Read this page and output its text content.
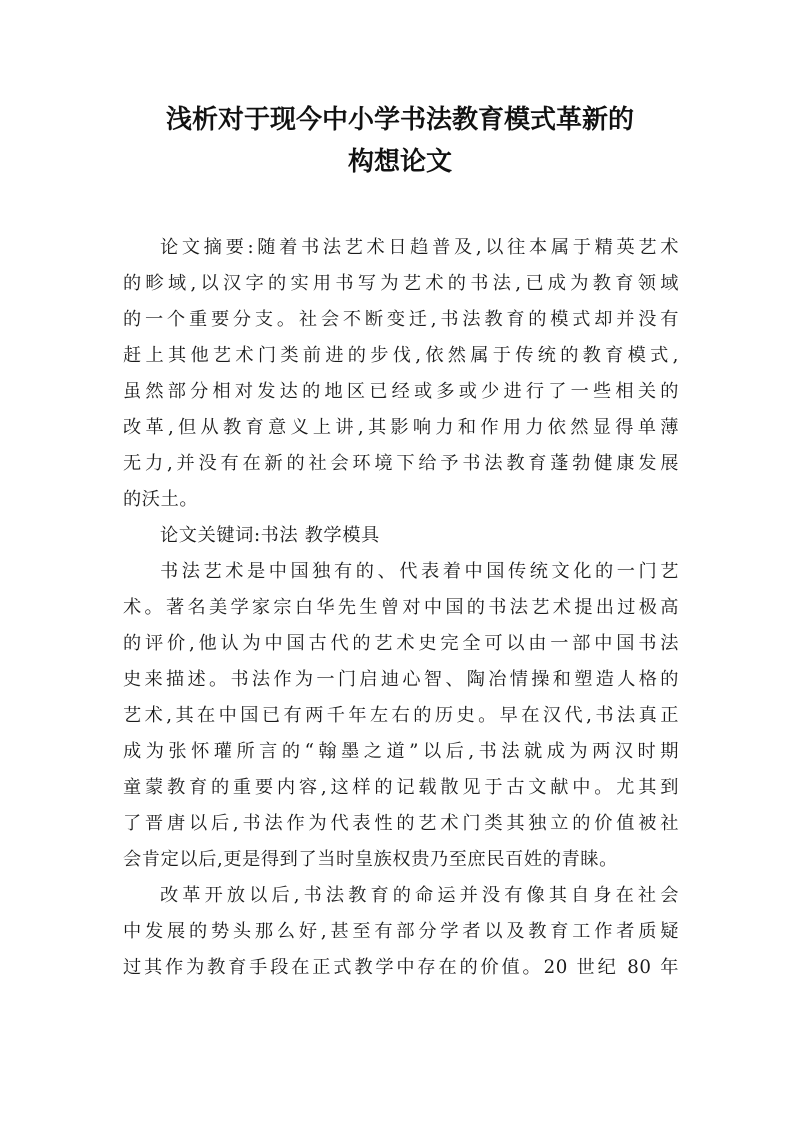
浅析对于现今中小学书法教育模式革新的
构想论文
论文摘要:随着书法艺术日趋普及,以往本属于精英艺术
的畛域,以汉字的实用书写为艺术的书法,已成为教育领域
的一个重要分支。社会不断变迁,书法教育的模式却并没有
赶上其他艺术门类前进的步伐,依然属于传统的教育模式,
虽然部分相对发达的地区已经或多或少进行了一些相关的
改革,但从教育意义上讲,其影响力和作用力依然显得单薄
无力,并没有在新的社会环境下给予书法教育蓬勃健康发展
的沃土。
论文关键词:书法 教学模具
书法艺术是中国独有的、代表着中国传统文化的一门艺
术。著名美学家宗白华先生曾对中国的书法艺术提出过极高
的评价,他认为中国古代的艺术史完全可以由一部中国书法
史来描述。书法作为一门启迪心智、陶冶情操和塑造人格的
艺术,其在中国已有两千年左右的历史。早在汉代,书法真正
成为张怀瓘所言的“翰墨之道”以后,书法就成为两汉时期
童蒙教育的重要内容,这样的记载散见于古文献中。尤其到
了晋唐以后,书法作为代表性的艺术门类其独立的价值被社
会肯定以后,更是得到了当时皇族权贵乃至庶民百姓的青睐。
改革开放以后,书法教育的命运并没有像其自身在社会
中发展的势头那么好,甚至有部分学者以及教育工作者质疑
过其作为教育手段在正式教学中存在的价值。20 世纪 80 年
